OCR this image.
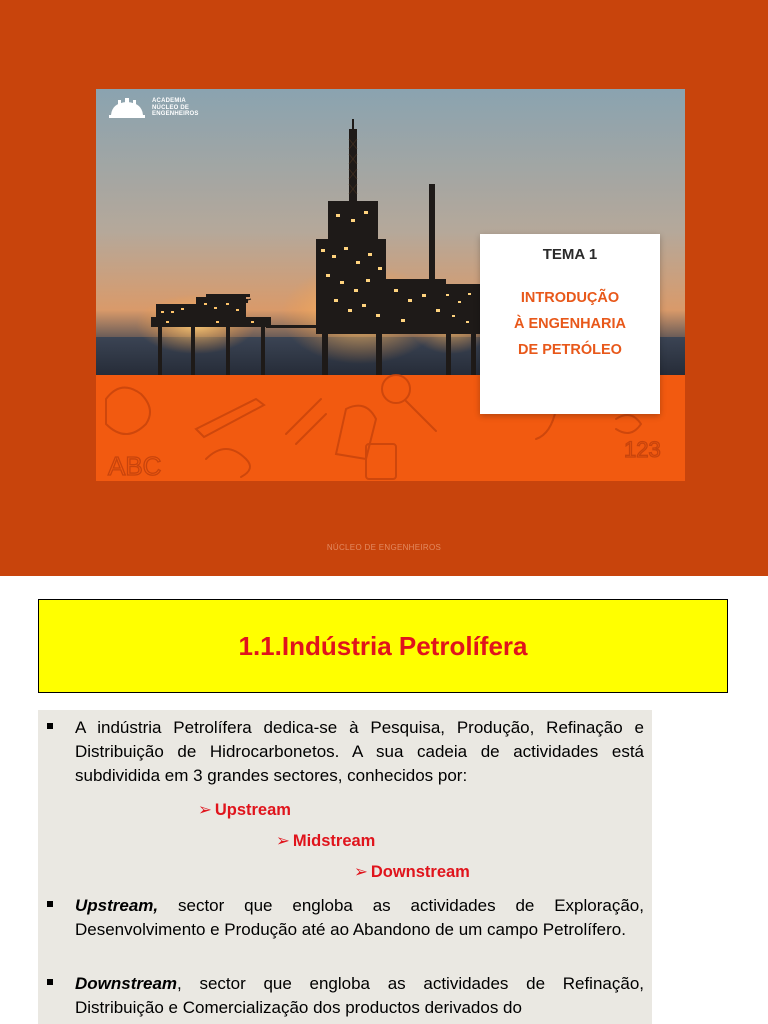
ABC
123
ACADEMIA
NÚCLEO DE
ENGENHEIROS
TEMA 1
INTRODUÇÃO
À ENGENHARIA
DE PETRÓLEO
NÚCLEO DE ENGENHEIROS
1.1.Indústria Petrolífera
A indústria Petrolífera dedica-se à Pesquisa, Produção, Refinação e Distribuição de Hidrocarbonetos. A sua cadeia de actividades está subdividida em 3 grandes sectores, conhecidos por:
➢ Upstream
➢ Midstream
➢ Downstream
Upstream, sector que engloba as actividades de Exploração, Desenvolvimento e Produção até ao Abandono de um campo Petrolífero.
Downstream, sector que engloba as actividades de Refinação, Distribuição e Comercialização dos productos derivados do
